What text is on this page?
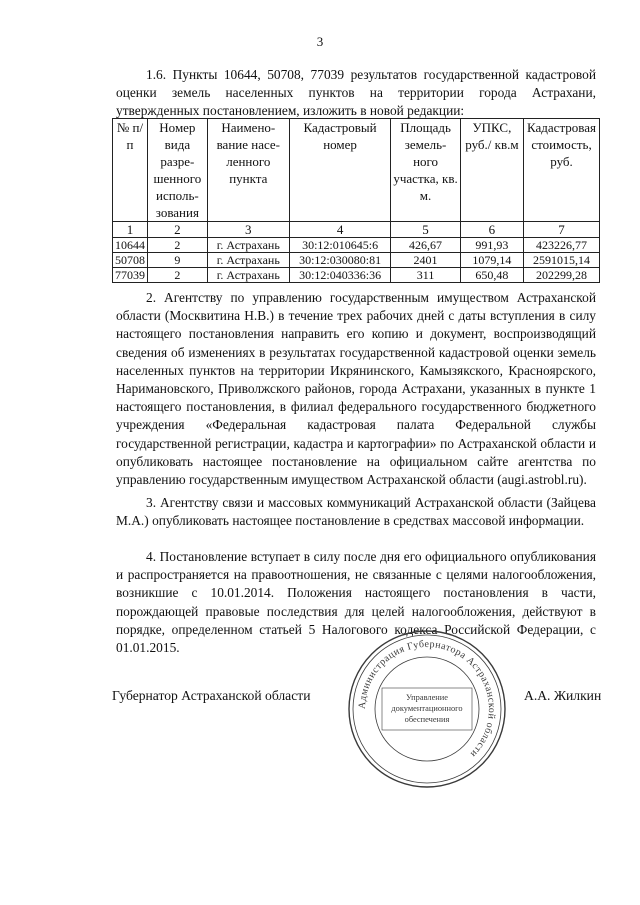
3
1.6. Пункты 10644, 50708, 77039 результатов государственной кадастровой оценки земель населенных пунктов на территории города Астрахани, утвержденных постановлением, изложить в новой редакции:
№ п/п	Номер вида разре-шенного исполь-зования	Наимено-вание насе-ленного пункта	Кадастровый номер	Площадь земель-ного участка, кв. м.	УПКС, руб./ кв.м	Кадастровая стоимость, руб.
1	2	3	4	5	6	7
10644	2	г. Астрахань	30:12:010645:6	426,67	991,93	423226,77
50708	9	г. Астрахань	30:12:030080:81	2401	1079,14	2591015,14
77039	2	г. Астрахань	30:12:040336:36	311	650,48	202299,28
2. Агентству по управлению государственным имуществом Астраханской области (Москвитина Н.В.) в течение трех рабочих дней с даты вступления в силу настоящего постановления направить его копию и документ, воспроизводящий сведения об изменениях в результатах государственной кадастровой оценки земель населенных пунктов на территории Икрянинского, Камызякского, Красноярского, Наримановского, Приволжского районов, города Астрахани, указанных в пункте 1 настоящего постановления, в филиал федерального государственного бюджетного учреждения «Федеральная кадастровая палата Федеральной службы государственной регистрации, кадастра и картографии» по Астраханской области и опубликовать настоящее постановление на официальном сайте агентства по управлению государственным имуществом Астраханской области (augi.astrobl.ru).
3. Агентству связи и массовых коммуникаций Астраханской области (Зайцева М.А.) опубликовать настоящее постановление в средствах массовой информации.
4. Постановление вступает в силу после дня его официального опубликования и распространяется на правоотношения, не связанные с целями налогообложения, возникшие с 10.01.2014. Положения настоящего постановления в части, порождающей правовые последствия для целей налогообложения, действуют в порядке, определенном статьей 5 Налогового кодекса Российской Федерации, с 01.01.2015.
Губернатор Астраханской области	А.А. Жилкин
Администрация Губернатора Астраханской области
Управление документационного обеспечения
